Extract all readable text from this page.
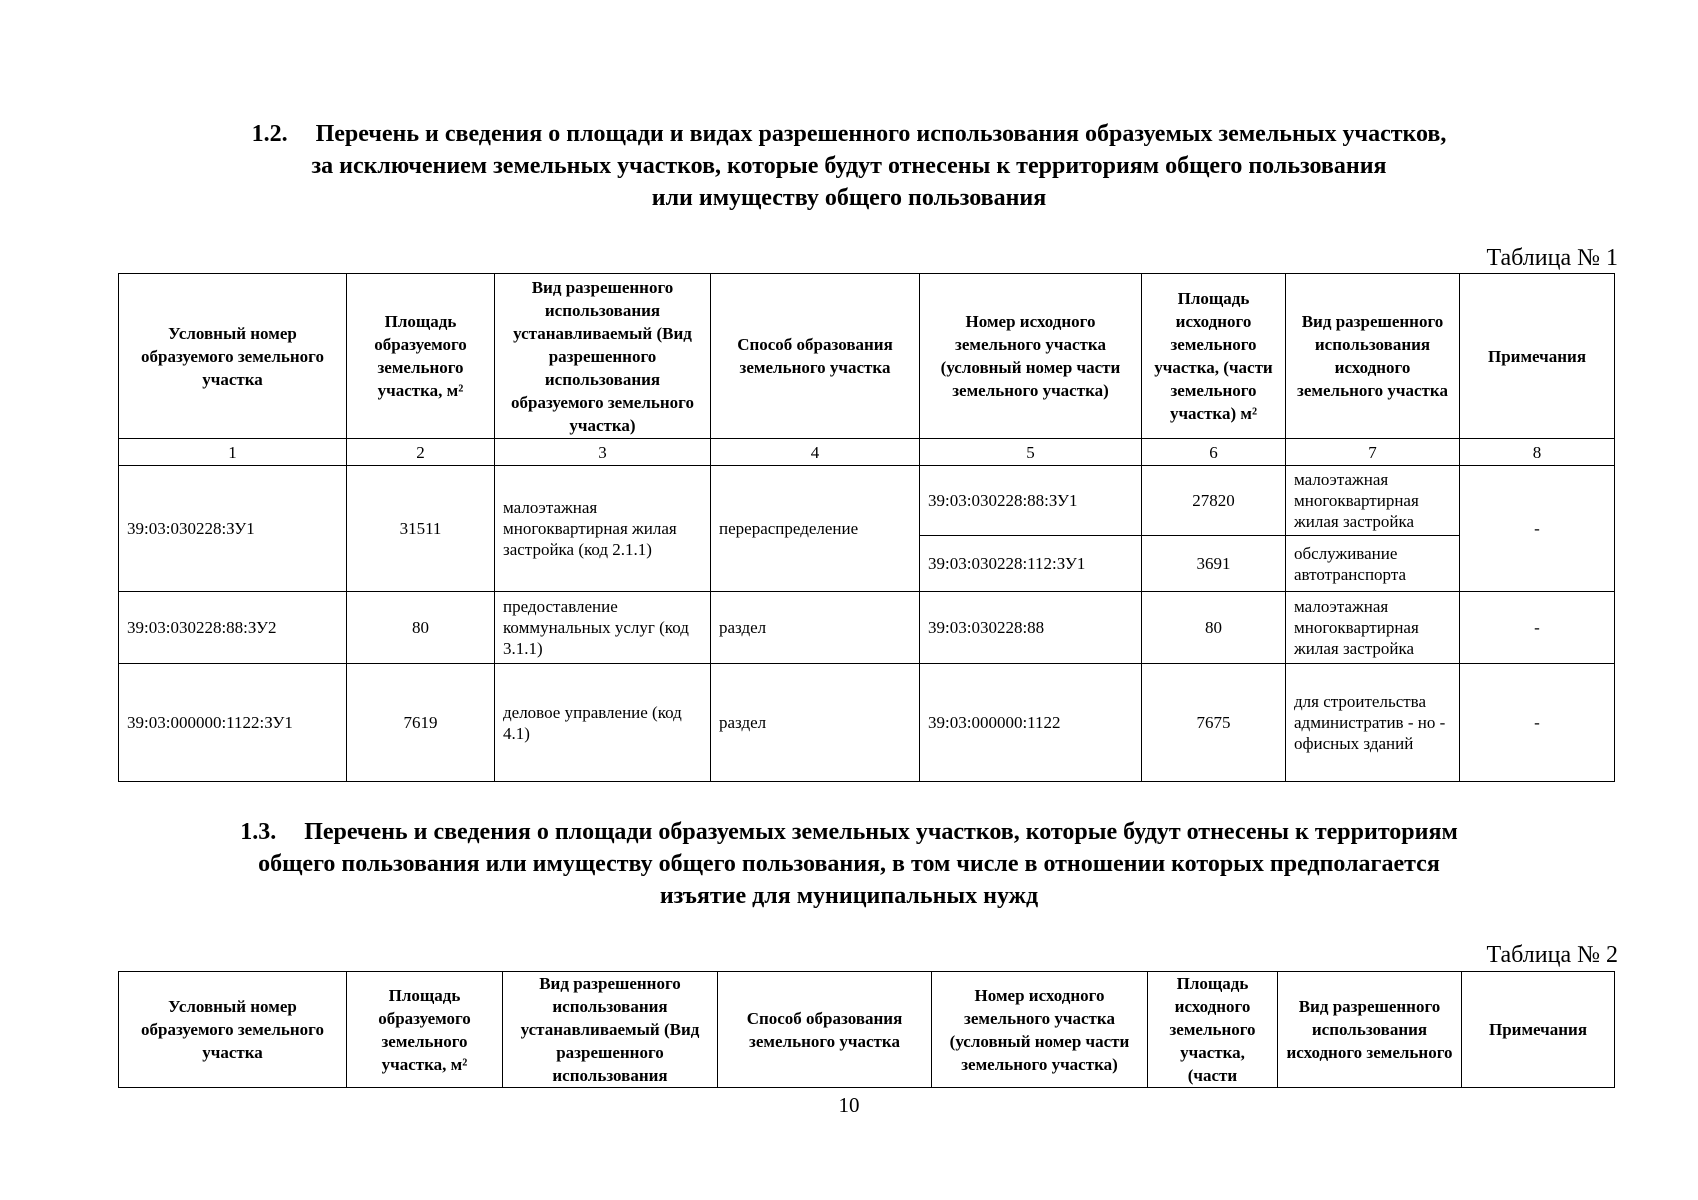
1.2. Перечень и сведения о площади и видах разрешенного использования образуемых земельных участков,
за исключением земельных участков, которые будут отнесены к территориям общего пользования
или имуществу общего пользования
Таблица № 1
Условный номер образуемого земельного участка	Площадь образуемого земельного участка, м²	Вид разрешенного использования устанавливаемый (Вид разрешенного использования образуемого земельного участка)	Способ образования земельного участка	Номер исходного земельного участка (условный номер части земельного участка)	Площадь исходного земельного участка, (части земельного участка) м²	Вид разрешенного использования исходного земельного участка	Примечания
1	2	3	4	5	6	7	8
39:03:030228:ЗУ1	31511	малоэтажная многоквартирная жилая застройка (код 2.1.1)	перераспределение	39:03:030228:88:ЗУ1	27820	малоэтажная многоквартирная жилая застройка	-
				39:03:030228:112:ЗУ1	3691	обслуживание автотранспорта	
39:03:030228:88:ЗУ2	80	предоставление коммунальных услуг (код 3.1.1)	раздел	39:03:030228:88	80	малоэтажная многоквартирная жилая застройка	-
39:03:000000:1122:ЗУ1	7619	деловое управление (код 4.1)	раздел	39:03:000000:1122	7675	для строительства административ - но - офисных зданий	-
1.3. Перечень и сведения о площади образуемых земельных участков, которые будут отнесены к территориям
общего пользования или имуществу общего пользования, в том числе в отношении которых предполагается
изъятие для муниципальных нужд
Таблица № 2
Условный номер образуемого земельного участка	Площадь образуемого земельного участка, м²	Вид разрешенного использования устанавливаемый (Вид разрешенного использования	Способ образования земельного участка	Номер исходного земельного участка (условный номер части земельного участка)	Площадь исходного земельного участка, (части	Вид разрешенного использования исходного земельного	Примечания
10
